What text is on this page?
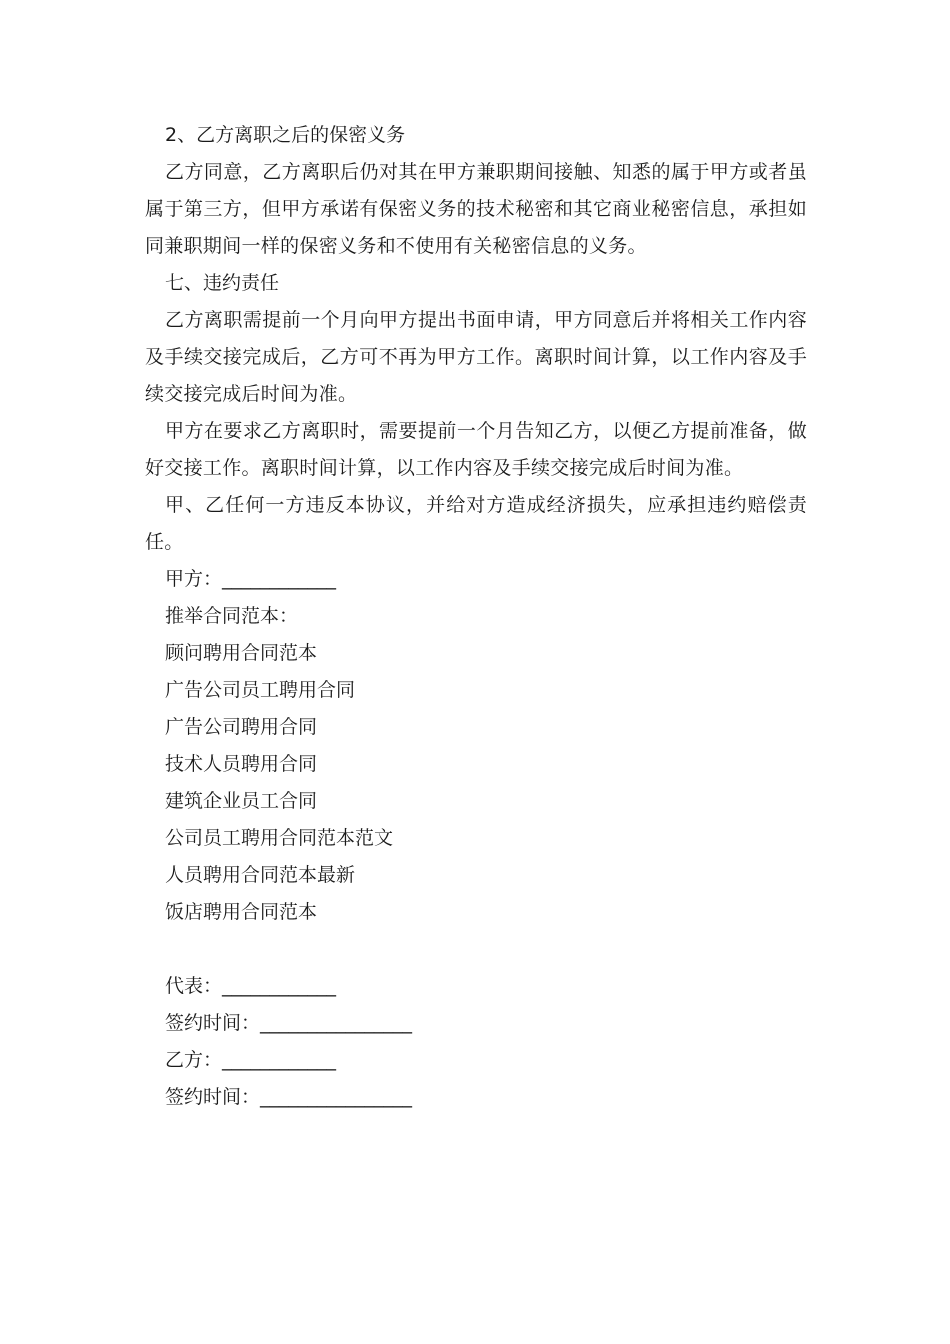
2、乙方离职之后的保密义务
乙方同意，乙方离职后仍对其在甲方兼职期间接触、知悉的属于甲方或者虽属于第三方，但甲方承诺有保密义务的技术秘密和其它商业秘密信息，承担如同兼职期间一样的保密义务和不使用有关秘密信息的义务。
七、违约责任
乙方离职需提前一个月向甲方提出书面申请，甲方同意后并将相关工作内容及手续交接完成后，乙方可不再为甲方工作。离职时间计算，以工作内容及手续交接完成后时间为准。
甲方在要求乙方离职时，需要提前一个月告知乙方，以便乙方提前准备，做好交接工作。离职时间计算，以工作内容及手续交接完成后时间为准。
甲、乙任何一方违反本协议，并给对方造成经济损失，应承担违约赔偿责任。
甲方：____________
推举合同范本：
顾问聘用合同范本
广告公司员工聘用合同
广告公司聘用合同
技术人员聘用合同
建筑企业员工合同
公司员工聘用合同范本范文
人员聘用合同范本最新
饭店聘用合同范本
代表：____________
签约时间：________________
乙方：____________
签约时间：________________
